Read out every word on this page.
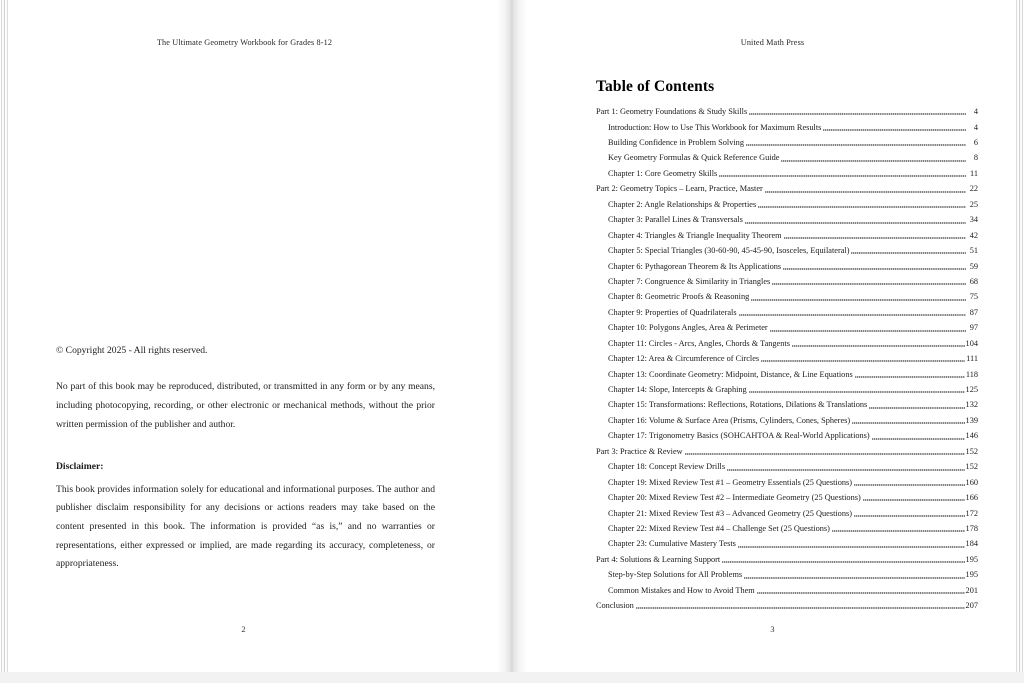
The Ultimate Geometry Workbook for Grades 8-12
© Copyright 2025 - All rights reserved.

No part of this book may be reproduced, distributed, or transmitted in any form or by any means, including photocopying, recording, or other electronic or mechanical methods, without the prior written permission of the publisher and author.

Disclaimer:

This book provides information solely for educational and informational purposes. The author and publisher disclaim responsibility for any decisions or actions readers may take based on the content presented in this book. The information is provided “as is,” and no warranties or representations, either expressed or implied, are made regarding its accuracy, completeness, or appropriateness.

2
United Math Press
Table of Contents
Part 1: Geometry Foundations & Study Skills	4
Introduction: How to Use This Workbook for Maximum Results	4
Building Confidence in Problem Solving	6
Key Geometry Formulas & Quick Reference Guide	8
Chapter 1: Core Geometry Skills	11
Part 2: Geometry Topics – Learn, Practice, Master	22
Chapter 2: Angle Relationships & Properties	25
Chapter 3: Parallel Lines & Transversals	34
Chapter 4: Triangles & Triangle Inequality Theorem	42
Chapter 5: Special Triangles (30-60-90, 45-45-90, Isosceles, Equilateral)	51
Chapter 6: Pythagorean Theorem & Its Applications	59
Chapter 7: Congruence & Similarity in Triangles	68
Chapter 8: Geometric Proofs & Reasoning	75
Chapter 9: Properties of Quadrilaterals	87
Chapter 10: Polygons Angles, Area & Perimeter	97
Chapter 11: Circles - Arcs, Angles, Chords & Tangents	104
Chapter 12: Area & Circumference of Circles	111
Chapter 13: Coordinate Geometry: Midpoint, Distance, & Line Equations	118
Chapter 14: Slope, Intercepts & Graphing	125
Chapter 15: Transformations: Reflections, Rotations, Dilations & Translations	132
Chapter 16: Volume & Surface Area (Prisms, Cylinders, Cones, Spheres)	139
Chapter 17: Trigonometry Basics (SOHCAHTOA & Real-World Applications)	146
Part 3: Practice & Review	152
Chapter 18: Concept Review Drills	152
Chapter 19: Mixed Review Test #1 – Geometry Essentials (25 Questions)	160
Chapter 20: Mixed Review Test #2 – Intermediate Geometry (25 Questions)	166
Chapter 21: Mixed Review Test #3 – Advanced Geometry (25 Questions)	172
Chapter 22: Mixed Review Test #4 – Challenge Set (25 Questions)	178
Chapter 23: Cumulative Mastery Tests	184
Part 4: Solutions & Learning Support	195
Step-by-Step Solutions for All Problems	195
Common Mistakes and How to Avoid Them	201
Conclusion	207
3
